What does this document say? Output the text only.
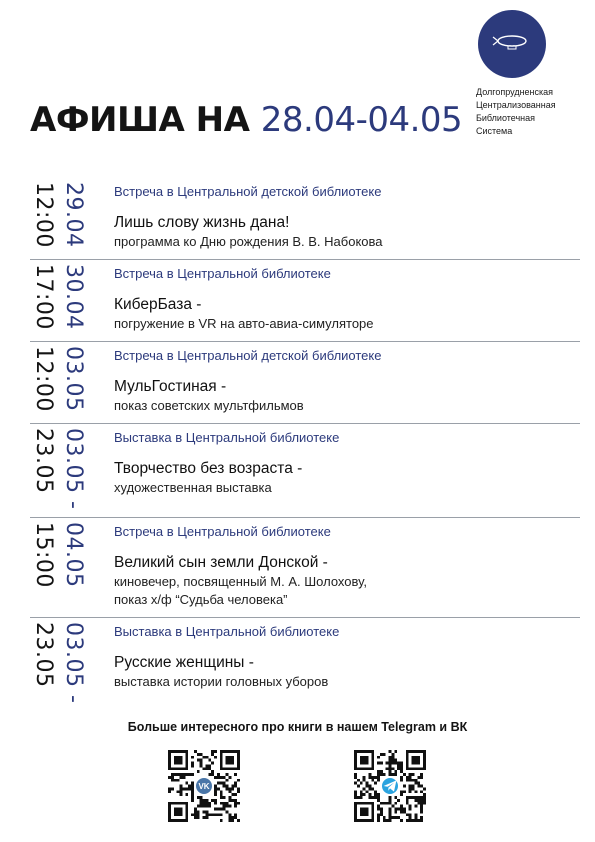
Долгопрудненская
Централизованная
Библиотечная
Система
АФИША НА 28.04-04.05
12:00 29.04 Встреча в Центральной детской библиотеке
Лишь слову жизнь дана!
программа ко Дню рождения В. В. Набокова
17:00 30.04 Встреча в Центральной библиотеке
КиберБаза -
погружение в VR на авто-авиа-симуляторе
12:00 03.05 Встреча в Центральной детской библиотеке
МульГостиная -
показ советских мультфильмов
23.05 03.05 - Выставка в Центральной библиотеке
Творчество без возраста -
художественная выставка
15:00 04.05 Встреча в Центральной библиотеке
Великий сын земли Донской -
киновечер, посвященный М. А. Шолохову,
показ х/ф “Судьба человека”
23.05 03.05 - Выставка в Центральной библиотеке
Русские женщины -
выставка истории головных уборов
Больше интересного про книги в нашем Telegram и ВК
VK
